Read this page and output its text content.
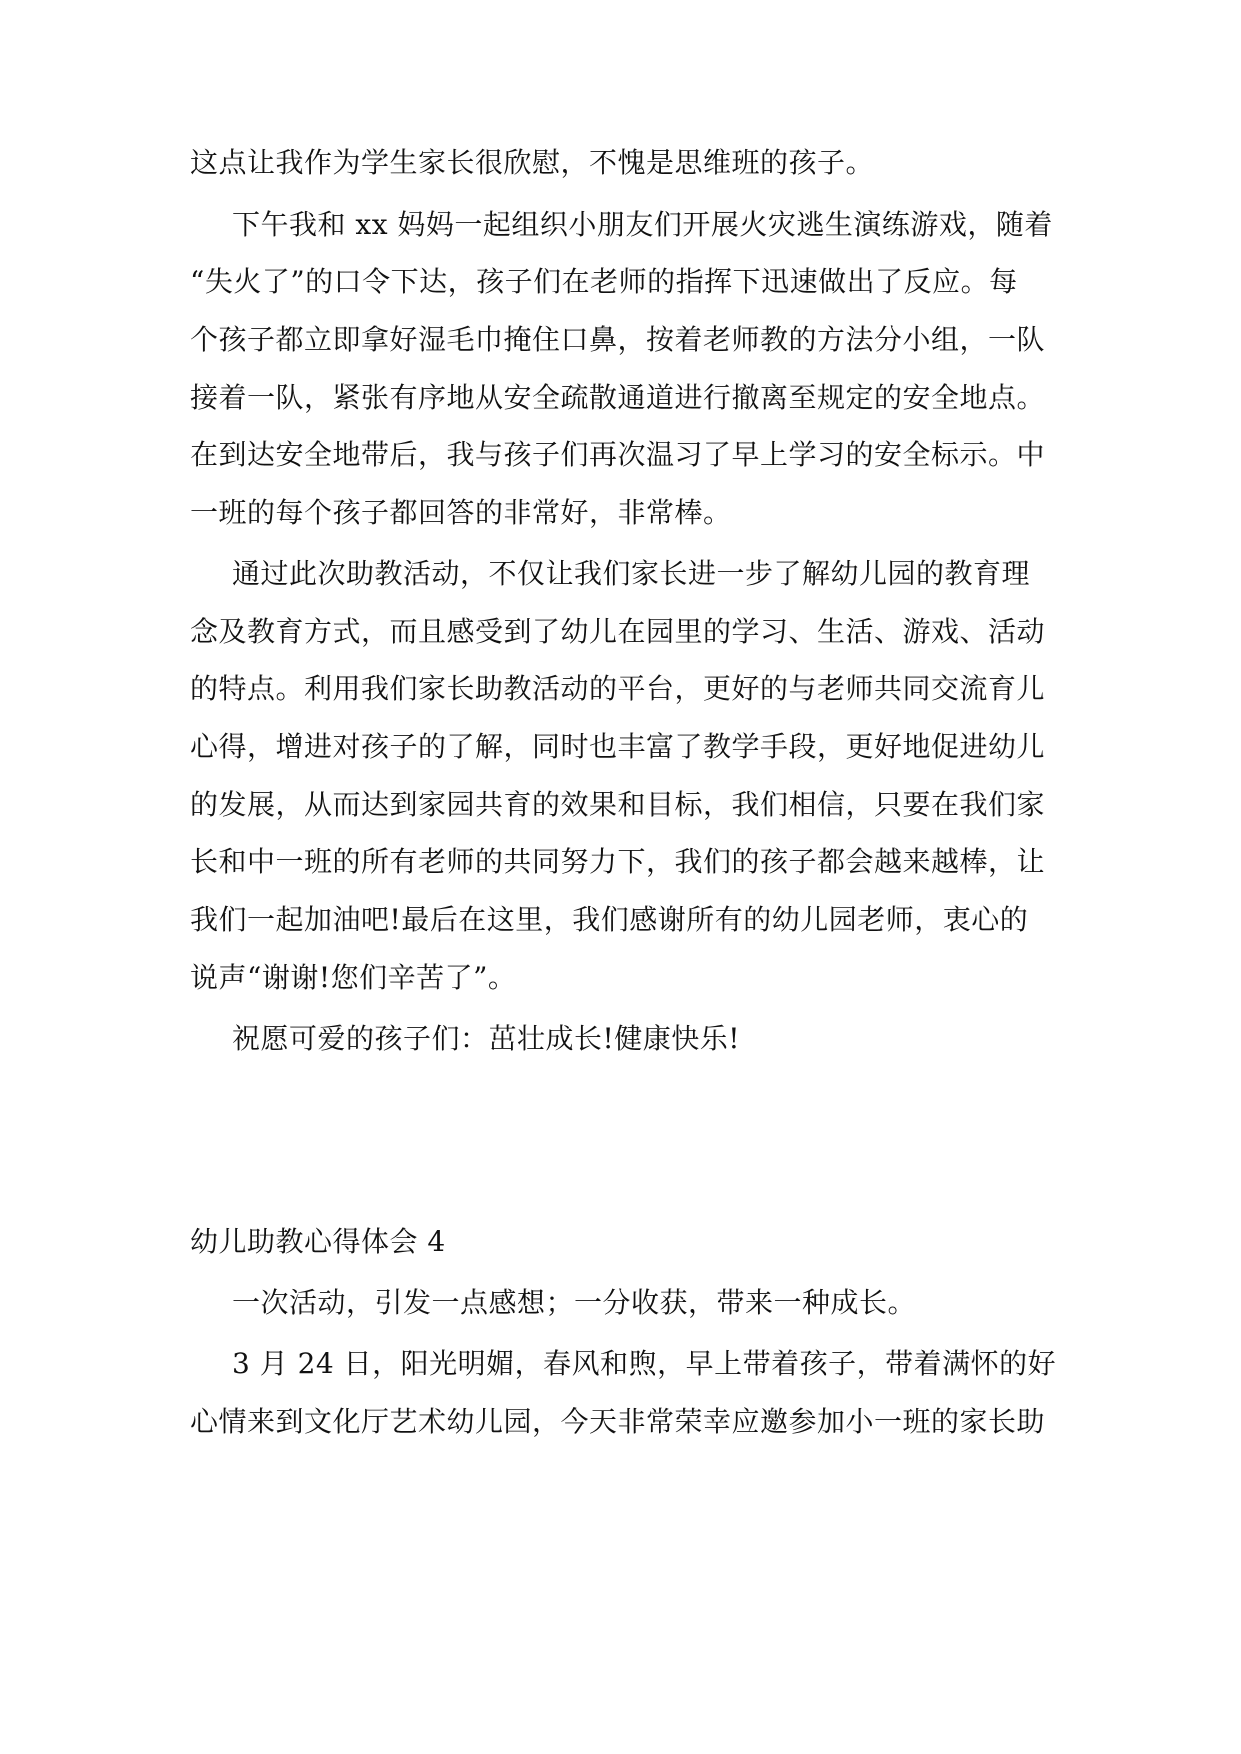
这点让我作为学生家长很欣慰，不愧是思维班的孩子。
下午我和 xx 妈妈一起组织小朋友们开展火灾逃生演练游戏，随着
“失火了”的口令下达，孩子们在老师的指挥下迅速做出了反应。每
个孩子都立即拿好湿毛巾掩住口鼻，按着老师教的方法分小组，一队
接着一队，紧张有序地从安全疏散通道进行撤离至规定的安全地点。
在到达安全地带后，我与孩子们再次温习了早上学习的安全标示。中
一班的每个孩子都回答的非常好，非常棒。
通过此次助教活动，不仅让我们家长进一步了解幼儿园的教育理
念及教育方式，而且感受到了幼儿在园里的学习、生活、游戏、活动
的特点。利用我们家长助教活动的平台，更好的与老师共同交流育儿
心得，增进对孩子的了解，同时也丰富了教学手段，更好地促进幼儿
的发展，从而达到家园共育的效果和目标，我们相信，只要在我们家
长和中一班的所有老师的共同努力下，我们的孩子都会越来越棒，让
我们一起加油吧!最后在这里，我们感谢所有的幼儿园老师，衷心的
说声“谢谢!您们辛苦了”。
祝愿可爱的孩子们：茁壮成长!健康快乐!
幼儿助教心得体会 4
一次活动，引发一点感想；一分收获，带来一种成长。
3 月 24 日，阳光明媚，春风和煦，早上带着孩子，带着满怀的好
心情来到文化厅艺术幼儿园，今天非常荣幸应邀参加小一班的家长助
